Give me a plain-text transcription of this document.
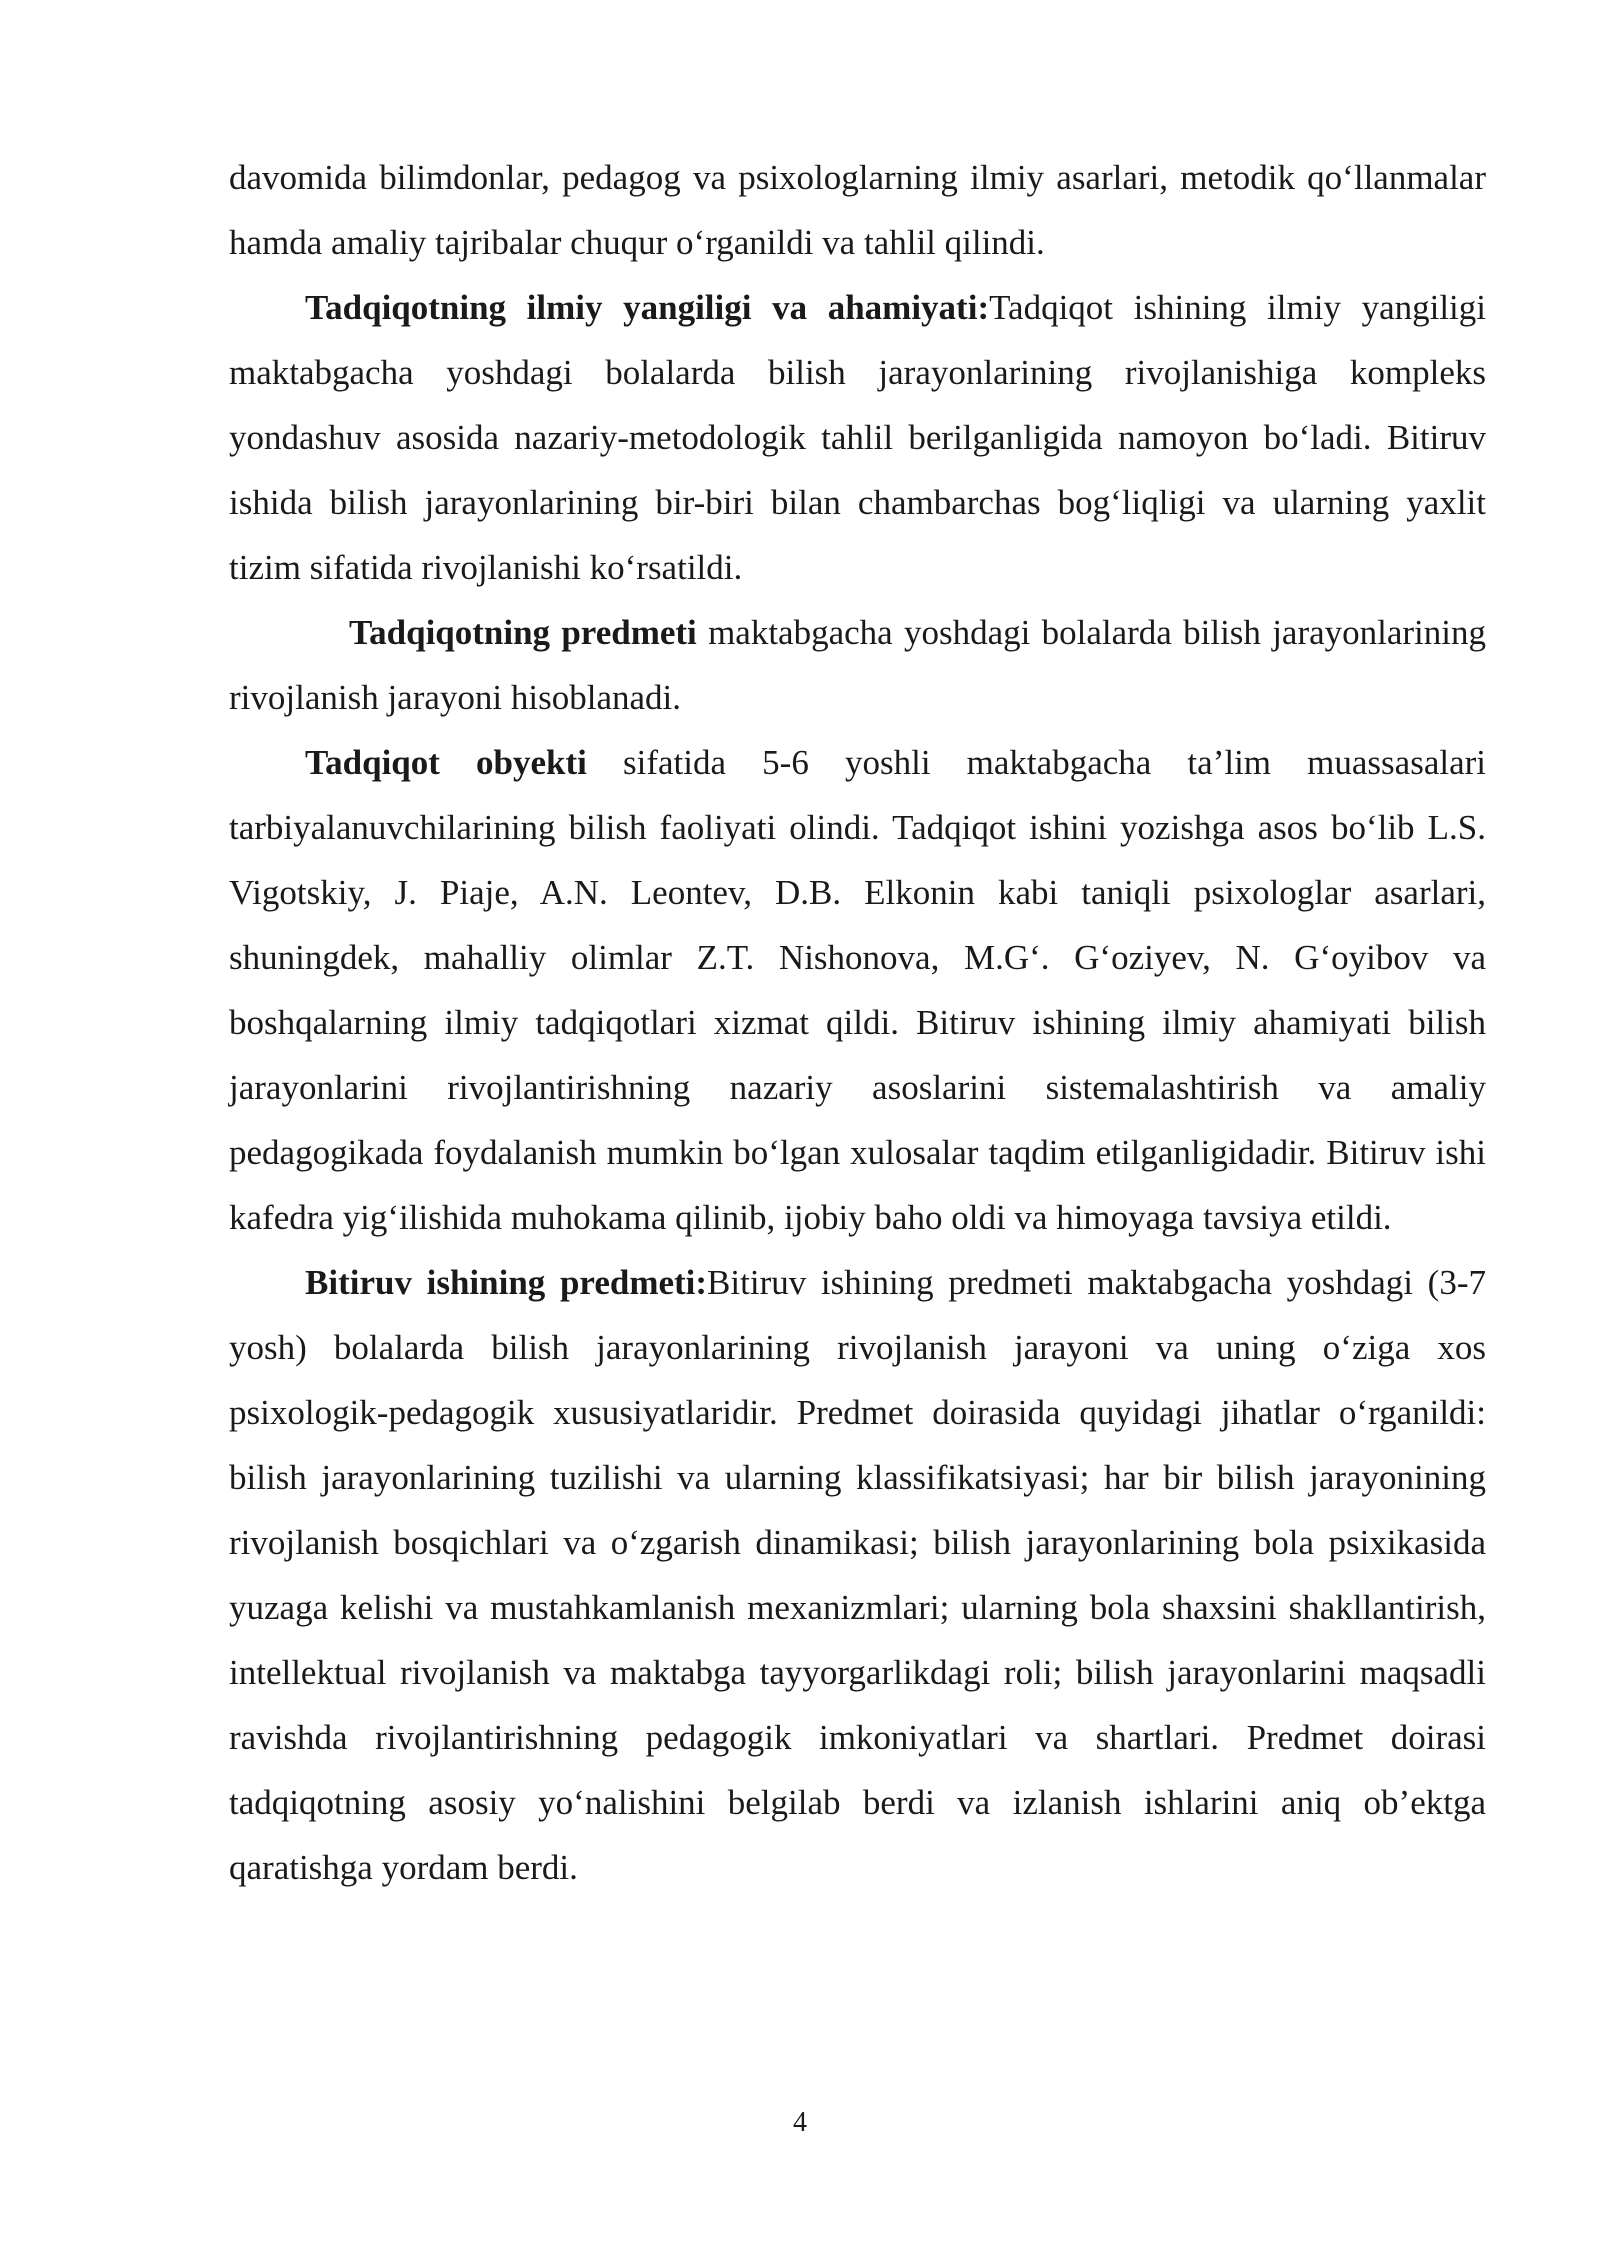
davomida bilimdonlar, pedagog va psixologlarning ilmiy asarlari, metodik qo‘llanmalar hamda amaliy tajribalar chuqur o‘rganildi va tahlil qilindi.

Tadqiqotning ilmiy yangiligi va ahamiyati:Tadqiqot ishining ilmiy yangiligi maktabgacha yoshdagi bolalarda bilish jarayonlarining rivojlanishiga kompleks yondashuv asosida nazariy-metodologik tahlil berilganligida namoyon bo‘ladi. Bitiruv ishida bilish jarayonlarining bir-biri bilan chambarchas bog‘liqligi va ularning yaxlit tizim sifatida rivojlanishi ko‘rsatildi.

Tadqiqotning predmeti maktabgacha yoshdagi bolalarda bilish jarayonlarining rivojlanish jarayoni hisoblanadi.

Tadqiqot obyekti sifatida 5-6 yoshli maktabgacha ta’lim muassasalari tarbiyalanuvchilarining bilish faoliyati olindi. Tadqiqot ishini yozishga asos bo‘lib L.S. Vigotskiy, J. Piaje, A.N. Leontev, D.B. Elkonin kabi taniqli psixologlar asarlari, shuningdek, mahalliy olimlar Z.T. Nishonova, M.G‘. G‘oziyev, N. G‘oyibov va boshqalarning ilmiy tadqiqotlari xizmat qildi. Bitiruv ishining ilmiy ahamiyati bilish jarayonlarini rivojlantirishning nazariy asoslarini sistemalashtirish va amaliy pedagogikada foydalanish mumkin bo‘lgan xulosalar taqdim etilganligidadir. Bitiruv ishi kafedra yig‘ilishida muhokama qilinib, ijobiy baho oldi va himoyaga tavsiya etildi.

Bitiruv ishining predmeti:Bitiruv ishining predmeti maktabgacha yoshdagi (3-7 yosh) bolalarda bilish jarayonlarining rivojlanish jarayoni va uning o‘ziga xos psixologik-pedagogik xususiyatlaridir. Predmet doirasida quyidagi jihatlar o‘rganildi: bilish jarayonlarining tuzilishi va ularning klassifikatsiyasi; har bir bilish jarayonining rivojlanish bosqichlari va o‘zgarish dinamikasi; bilish jarayonlarining bola psixikasida yuzaga kelishi va mustahkamlanish mexanizmlari; ularning bola shaxsini shakllantirish, intellektual rivojlanish va maktabga tayyorgarlikdagi roli; bilish jarayonlarini maqsadli ravishda rivojlantirishning pedagogik imkoniyatlari va shartlari. Predmet doirasi tadqiqotning asosiy yo‘nalishini belgilab berdi va izlanish ishlarini aniq ob’ektga qaratishga yordam berdi.

4
